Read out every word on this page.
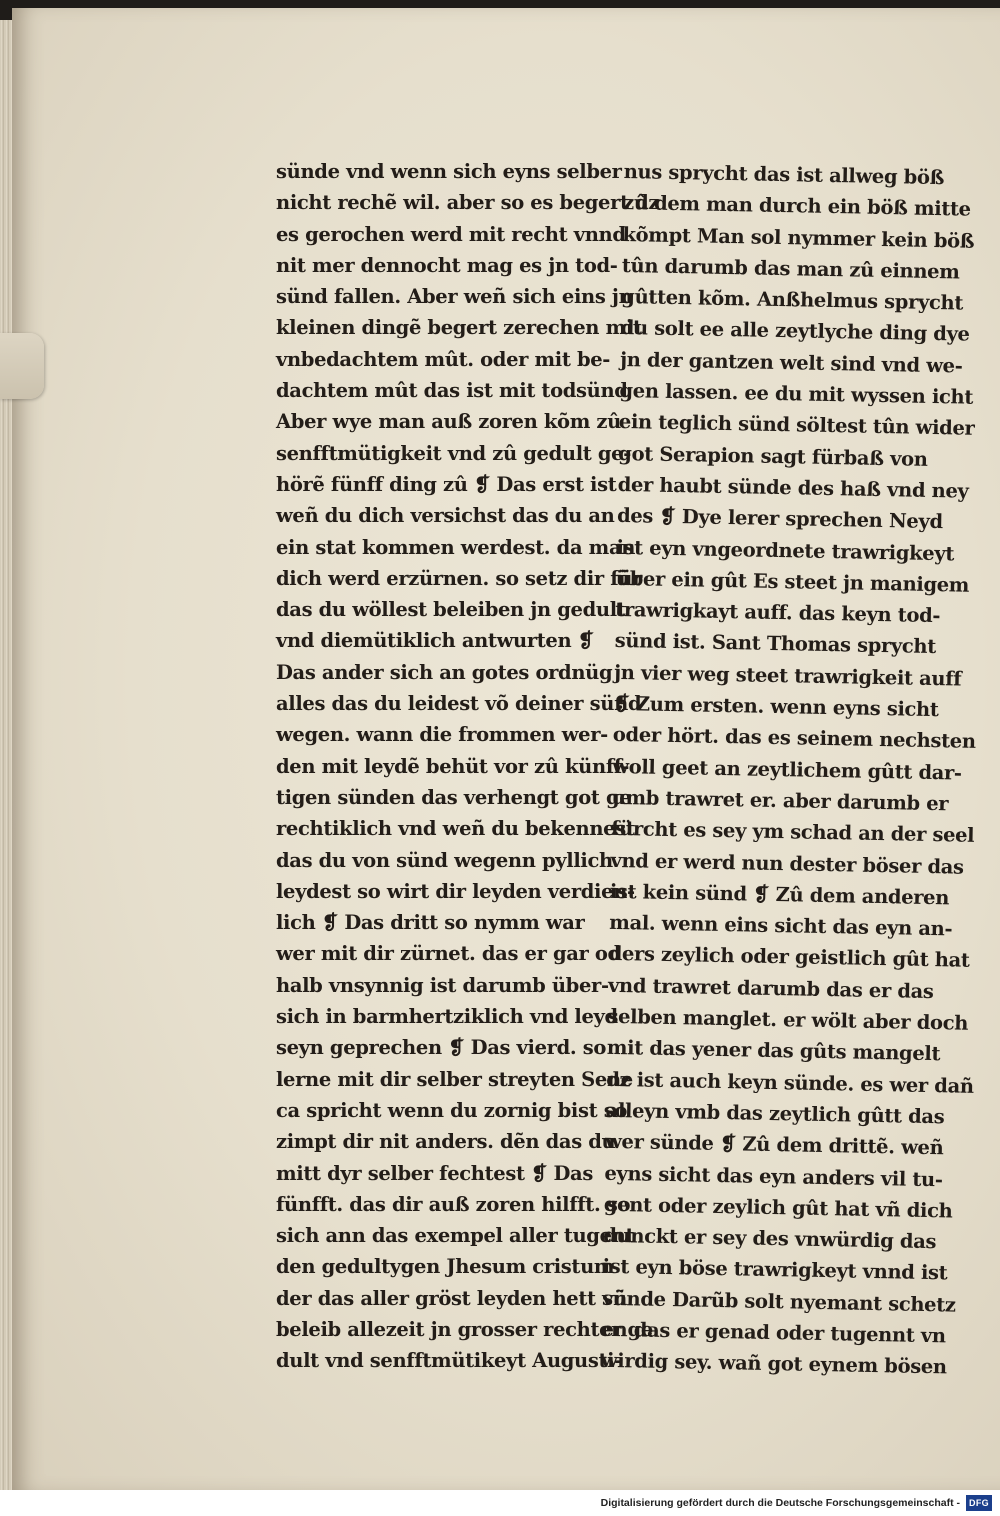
sünde vnd wenn sich eyns selber
nicht rechẽ wil. aber so es begert dz
es gerochen werd mit recht vnnd
nit mer dennocht mag es jn tod-
sünd fallen. Aber weñ sich eins jn
kleinen dingẽ begert zerechen mit
vnbedachtem mût. oder mit be-
dachtem mût das ist mit todsünd
Aber wye man auß zoren kõm zû
senfftmütigkeit vnd zû gedult ge-
hörẽ fünff ding zû ❡ Das erst ist
weñ du dich versichst das du an
ein stat kommen werdest. da man
dich werd erzürnen. so setz dir für
das du wöllest beleiben jn gedult
vnd diemütiklich antwurten ❡
Das ander sich an gotes ordnüg
alles das du leidest võ deiner sünd
wegen. wann die frommen wer-
den mit leydẽ behüt vor zû künff-
tigen sünden das verhengt got ge
rechtiklich vnd weñ du bekennest
das du von sünd wegenn pyllich
leydest so wirt dir leyden verdien-
lich ❡ Das dritt so nymm war
wer mit dir zürnet. das er gar od
halb vnsynnig ist darumb über-
sich in barmhertziklich vnd leyd
seyn geprechen ❡ Das vierd. so
lerne mit dir selber streyten Sene
ca spricht wenn du zornig bist so
zimpt dir nit anders. dẽn das du
mitt dyr selber fechtest ❡ Das
fünfft. das dir auß zoren hilfft. so
sich ann das exempel aller tugent
den gedultygen Jhesum cristum
der das aller gröst leyden hett vñ
beleib allezeit jn grosser rechter ge
dult vnd senfftmütikeyt Augusti-
nus sprycht das ist allweg böß
zû dem man durch ein böß mitte
kõmpt Man sol nymmer kein böß
tûn darumb das man zû einnem
gûtten kõm. Anßhelmus sprycht
du solt ee alle zeytlyche ding dye
jn der gantzen welt sind vnd we-
gen lassen. ee du mit wyssen icht
ein teglich sünd söltest tûn wider
got Serapion sagt fürbaß von
der haubt sünde des haß vnd ney
des ❡ Dye lerer sprechen Neyd
ist eyn vngeordnete trawrigkeyt
über ein gût Es steet jn manigem
trawrigkayt auff. das keyn tod-
sünd ist. Sant Thomas sprycht
jn vier weg steet trawrigkeit auff
❡ Zum ersten. wenn eyns sicht
oder hört. das es seinem nechsten
woll geet an zeytlichem gûtt dar-
umb trawret er. aber darumb er
fürcht es sey ym schad an der seel
vnd er werd nun dester böser das
ist kein sünd ❡ Zû dem anderen
mal. wenn eins sicht das eyn an-
ders zeylich oder geistlich gût hat
vnd trawret darumb das er das
selben manglet. er wölt aber doch
mit das yener das gûts mangelt
dz ist auch keyn sünde. es wer dañ
alleyn vmb das zeytlich gûtt das
wer sünde ❡ Zû dem drittẽ. weñ
eyns sicht das eyn anders vil tu-
gent oder zeylich gût hat vñ dich
dunckt er sey des vnwürdig das
ist eyn böse trawrigkeyt vnnd ist
sünde Darũb solt nyemant schetz
en das er genad oder tugennt vn
wirdig sey. wañ got eynem bösen
Digitalisierung gefördert durch die Deutsche Forschungsgemeinschaft -	DFG
